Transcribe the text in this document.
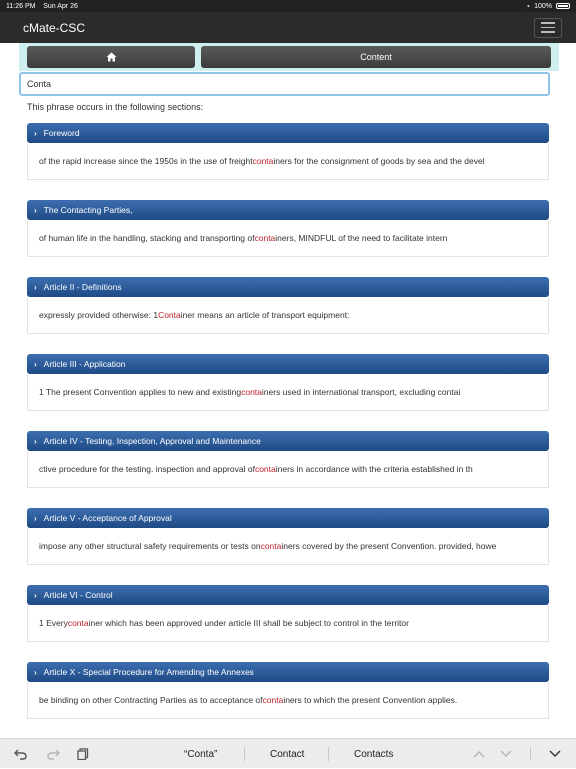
11:26 PM Sun Apr 26	◔ 100%
cMate-CSC
Content
Conta
This phrase occurs in the following sections:
› Foreword
of the rapid increase since the 1950s in the use of freight conta iners for the consignment of goods by sea and the devel
› The Contacting Parties,
of human life in the handling, stacking and transporting of conta iners, MINDFUL of the need to facilitate intern
› Article II - Definitions
expressly provided otherwise: 1 Conta iner means an article of transport equipment:
› Article III - Application
1 The present Convention applies to new and existing conta iners used in international transport, excluding contai
› Article IV - Testing, Inspection, Approval and Maintenance
ctive procedure for the testing. inspection and approval of conta iners in accordance with the criteria established in th
› Article V - Acceptance of Approval
impose any other structural safety requirements or tests on conta iners covered by the present Convention. provided, howe
› Article VI - Control
1 Every conta iner which has been approved under article III shall be subject to control in the territor
› Article X - Special Procedure for Amending the Annexes
be binding on other Contracting Parties as to acceptance of conta iners to which the present Convention applies.
“Conta”	Contact	Contacts
